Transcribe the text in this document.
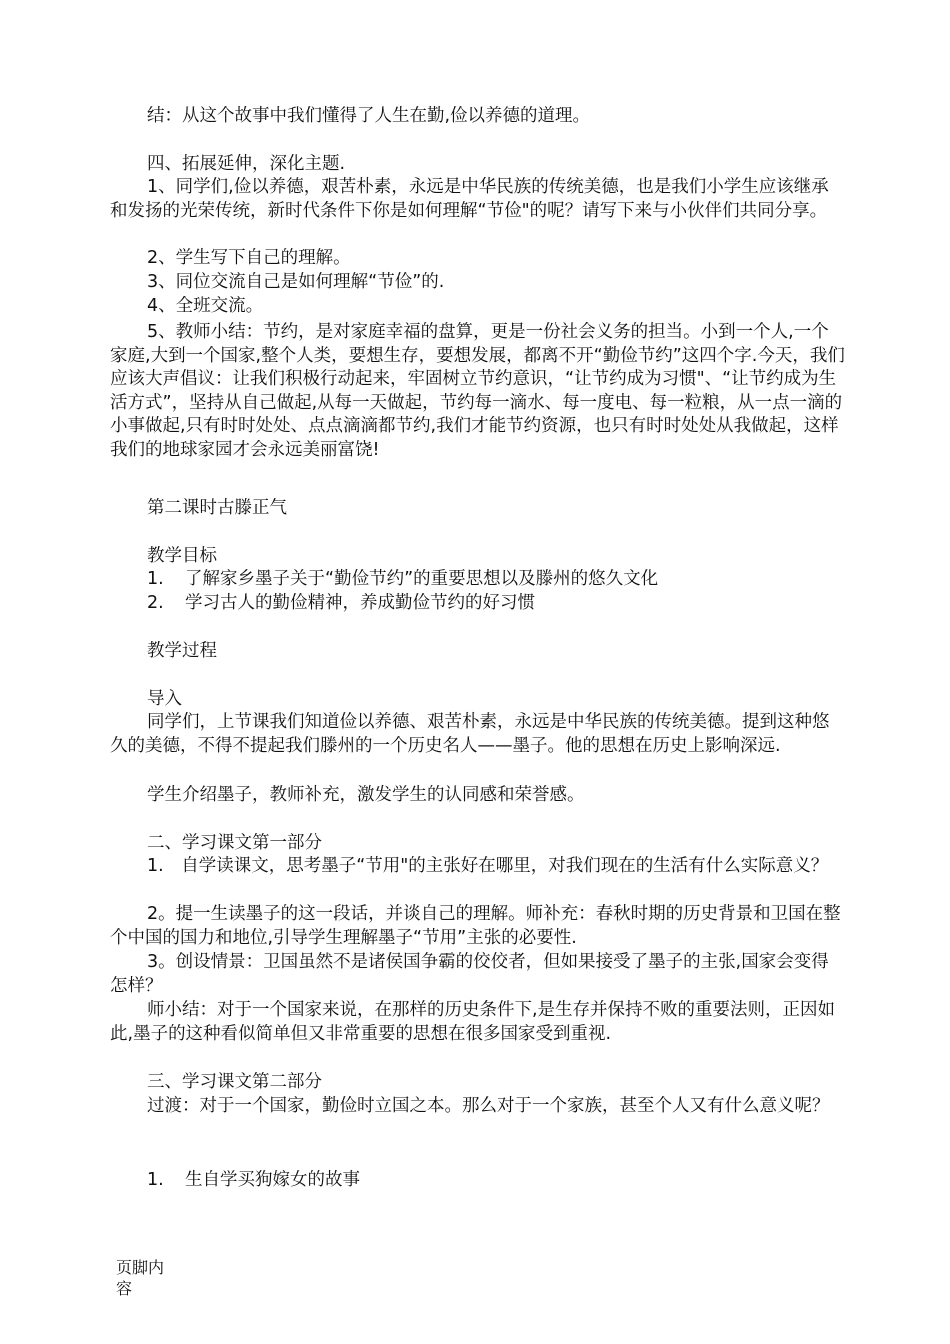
结：从这个故事中我们懂得了人生在勤,俭以养德的道理。

四、拓展延伸，深化主题.

1、同学们,俭以养德，艰苦朴素，永远是中华民族的传统美德，也是我们小学生应该继承和发扬的光荣传统，新时代条件下你是如何理解“节俭"的呢？请写下来与小伙伴们共同分享。

2、学生写下自己的理解。

3、同位交流自己是如何理解“节俭”的.

4、全班交流。

5、教师小结：节约，是对家庭幸福的盘算，更是一份社会义务的担当。小到一个人,一个家庭,大到一个国家,整个人类，要想生存，要想发展，都离不开“勤俭节约”这四个字.今天，我们应该大声倡议：让我们积极行动起来，牢固树立节约意识，“让节约成为习惯"、“让节约成为生活方式”，坚持从自己做起,从每一天做起，节约每一滴水、每一度电、每一粒粮，从一点一滴的小事做起,只有时时处处、点点滴滴都节约,我们才能节约资源，也只有时时处处从我做起，这样我们的地球家园才会永远美丽富饶!

第二课时古滕正气

教学目标

1. 了解家乡墨子关于“勤俭节约”的重要思想以及滕州的悠久文化

2. 学习古人的勤俭精神，养成勤俭节约的好习惯

教学过程

导入

同学们，上节课我们知道俭以养德、艰苦朴素，永远是中华民族的传统美德。提到这种悠久的美德，不得不提起我们滕州的一个历史名人——墨子。他的思想在历史上影响深远.

学生介绍墨子，教师补充，激发学生的认同感和荣誉感。

二、学习课文第一部分

1.　自学读课文，思考墨子“节用"的主张好在哪里，对我们现在的生活有什么实际意义？

2。提一生读墨子的这一段话，并谈自己的理解。师补充：春秋时期的历史背景和卫国在整个中国的国力和地位,引导学生理解墨子“节用”主张的必要性.

3。创设情景：卫国虽然不是诸侯国争霸的佼佼者，但如果接受了墨子的主张,国家会变得怎样？

师小结：对于一个国家来说，在那样的历史条件下,是生存并保持不败的重要法则，正因如此,墨子的这种看似简单但又非常重要的思想在很多国家受到重视.

三、学习课文第二部分

过渡：对于一个国家，勤俭时立国之本。那么对于一个家族，甚至个人又有什么意义呢？

1. 生自学买狗嫁女的故事

页脚内容
